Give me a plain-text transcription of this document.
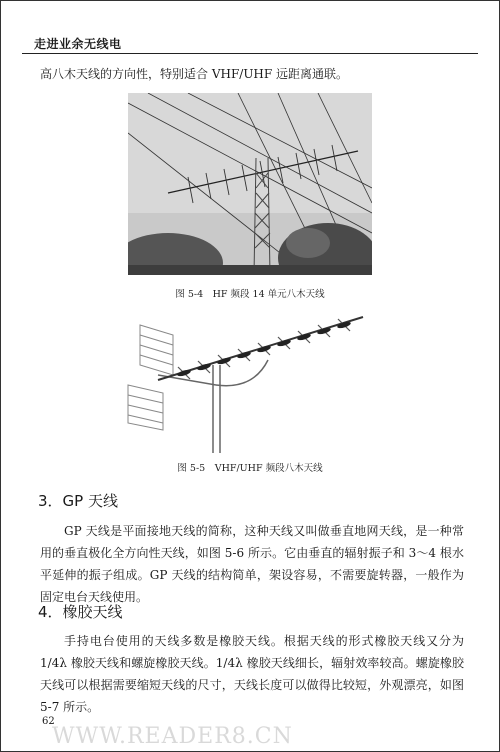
走进业余无线电
高八木天线的方向性，特别适合 VHF/UHF 远距离通联。
图 5-4　HF 频段 14 单元八木天线
图 5-5　VHF/UHF 频段八木天线
3．GP 天线
GP 天线是平面接地天线的简称，这种天线又叫做垂直地网天线，是一种常用的垂直极化全方向性天线，如图 5-6 所示。它由垂直的辐射振子和 3～4 根水平延伸的振子组成。GP 天线的结构简单，架设容易，不需要旋转器，一般作为固定电台天线使用。
4．橡胶天线
手持电台使用的天线多数是橡胶天线。根据天线的形式橡胶天线又分为 1/4λ 橡胶天线和螺旋橡胶天线。1/4λ 橡胶天线细长，辐射效率较高。螺旋橡胶天线可以根据需要缩短天线的尺寸，天线长度可以做得比较短，外观漂亮，如图 5-7 所示。
62
WWW.READER8.CN
